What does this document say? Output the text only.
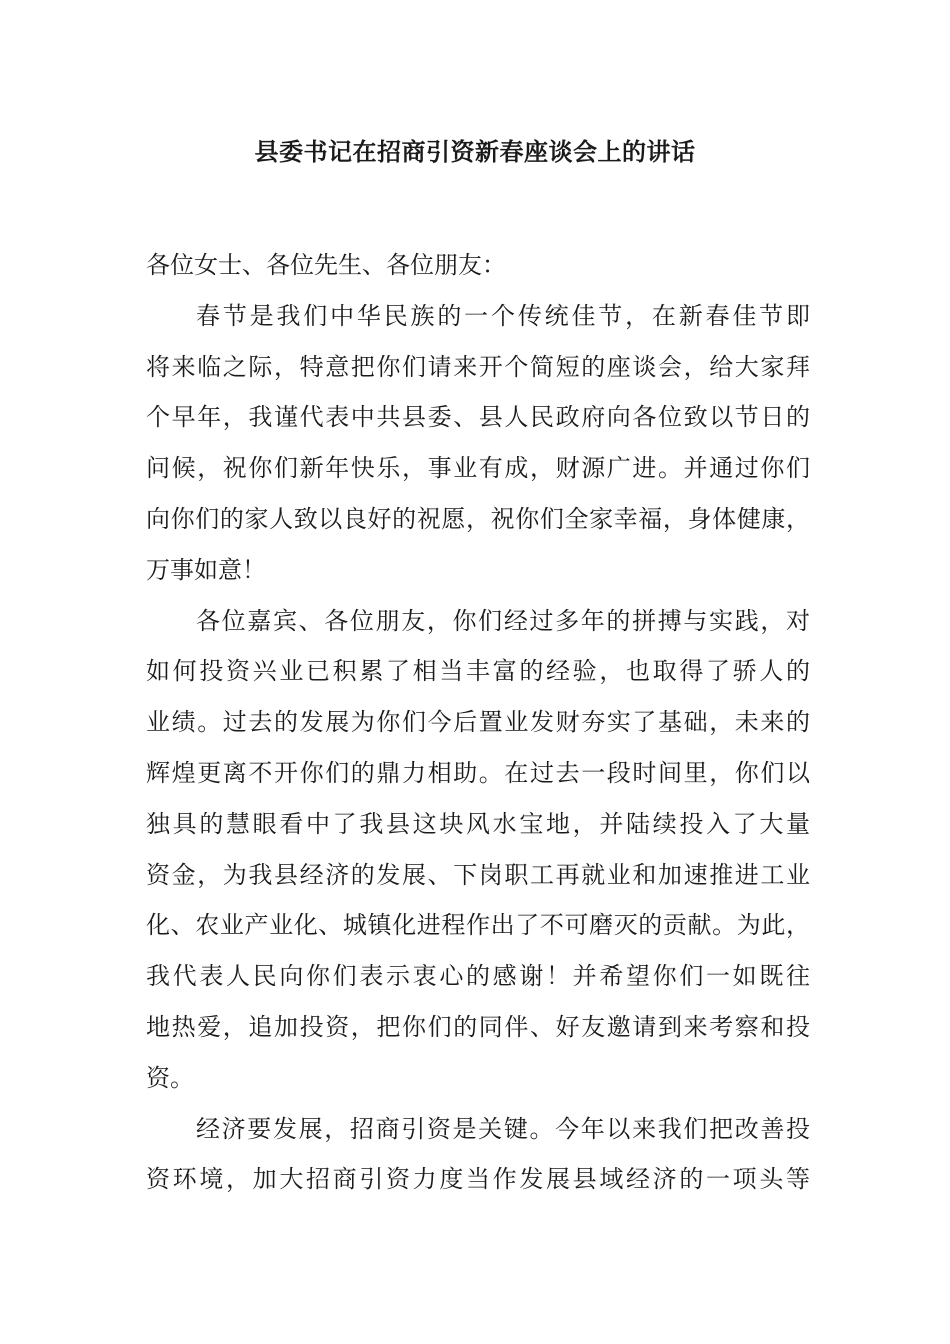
县委书记在招商引资新春座谈会上的讲话
各位女士、各位先生、各位朋友：
春节是我们中华民族的一个传统佳节，在新春佳节即
将来临之际，特意把你们请来开个简短的座谈会，给大家拜
个早年，我谨代表中共县委、县人民政府向各位致以节日的
问候，祝你们新年快乐，事业有成，财源广进。并通过你们
向你们的家人致以良好的祝愿，祝你们全家幸福，身体健康，
万事如意！
各位嘉宾、各位朋友，你们经过多年的拼搏与实践，对
如何投资兴业已积累了相当丰富的经验，也取得了骄人的
业绩。过去的发展为你们今后置业发财夯实了基础，未来的
辉煌更离不开你们的鼎力相助。在过去一段时间里，你们以
独具的慧眼看中了我县这块风水宝地，并陆续投入了大量
资金，为我县经济的发展、下岗职工再就业和加速推进工业
化、农业产业化、城镇化进程作出了不可磨灭的贡献。为此，
我代表人民向你们表示衷心的感谢！并希望你们一如既往
地热爱，追加投资，把你们的同伴、好友邀请到来考察和投
资。
经济要发展，招商引资是关键。今年以来我们把改善投
资环境，加大招商引资力度当作发展县域经济的一项头等
